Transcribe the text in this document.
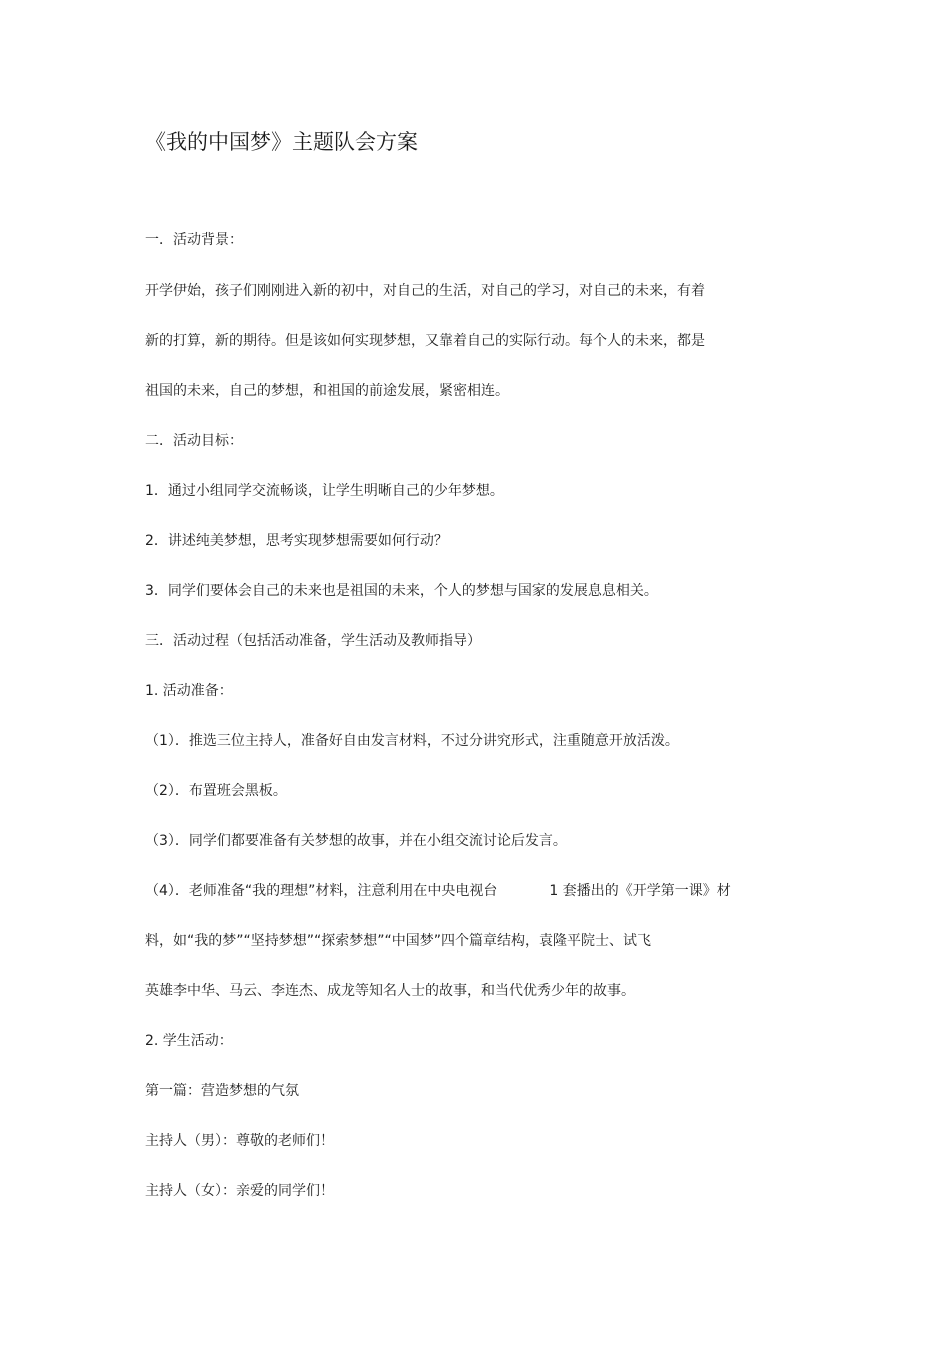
《我的中国梦》主题队会方案
一．活动背景：
开学伊始，孩子们刚刚进入新的初中，对自己的生活，对自己的学习，对自己的未来，有着
新的打算，新的期待。但是该如何实现梦想，又靠着自己的实际行动。每个人的未来，都是
祖国的未来，自己的梦想，和祖国的前途发展，紧密相连。
二．活动目标：
1．通过小组同学交流畅谈，让学生明晰自己的少年梦想。
2．讲述纯美梦想，思考实现梦想需要如何行动？
3．同学们要体会自己的未来也是祖国的未来，个人的梦想与国家的发展息息相关。
三．活动过程（包括活动准备，学生活动及教师指导）
1. 活动准备：
（1）．推选三位主持人，准备好自由发言材料，不过分讲究形式，注重随意开放活泼。
（2）．布置班会黑板。
（3）．同学们都要准备有关梦想的故事，并在小组交流讨论后发言。
（4）．老师准备“我的理想”材料，注意利用在中央电视台	1 套播出的《开学第一课》材
料，如“我的梦”“坚持梦想”“探索梦想”“中国梦”四个篇章结构，袁隆平院士、试飞
英雄李中华、马云、李连杰、成龙等知名人士的故事，和当代优秀少年的故事。
2. 学生活动：
第一篇：营造梦想的气氛
主持人（男）：尊敬的老师们！
主持人（女）：亲爱的同学们！
